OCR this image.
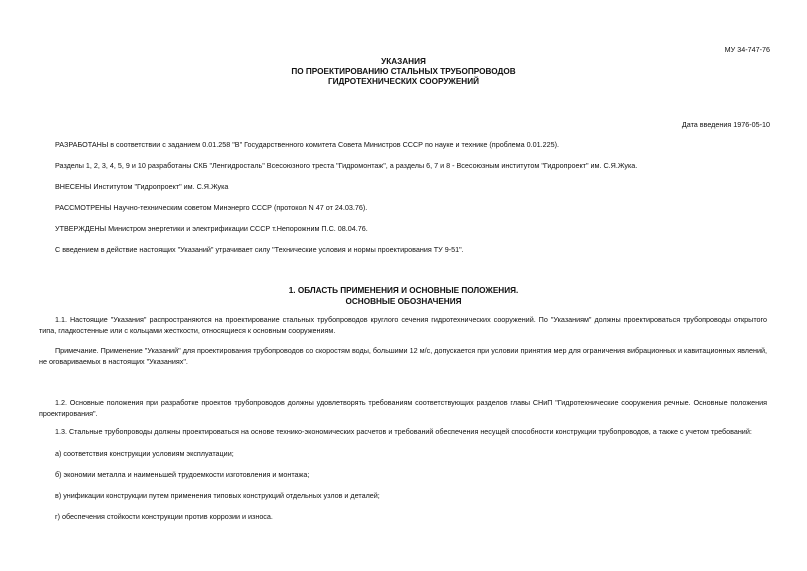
МУ 34-747-76
УКАЗАНИЯ
ПО ПРОЕКТИРОВАНИЮ СТАЛЬНЫХ ТРУБОПРОВОДОВ
ГИДРОТЕХНИЧЕСКИХ СООРУЖЕНИЙ
Дата введения 1976-05-10
РАЗРАБОТАНЫ в соответствии с заданием 0.01.258 "В" Государственного комитета Совета Министров СССР по науке и технике (проблема 0.01.225).
Разделы 1, 2, 3, 4, 5, 9 и 10 разработаны СКБ "Ленгидросталь" Всесоюзного треста "Гидромонтаж", а разделы 6, 7 и 8 - Всесоюзным институтом "Гидропроект" им. С.Я.Жука.
ВНЕСЕНЫ Институтом "Гидропроект" им. С.Я.Жука
РАССМОТРЕНЫ Научно-техническим советом Минэнерго СССР (протокол N 47 от 24.03.76).
УТВЕРЖДЕНЫ Министром энергетики и электрификации СССР т.Непорожним П.С. 08.04.76.
С введением в действие настоящих "Указаний" утрачивает силу "Технические условия и нормы проектирования ТУ 9-51".
1. ОБЛАСТЬ ПРИМЕНЕНИЯ И ОСНОВНЫЕ ПОЛОЖЕНИЯ.
ОСНОВНЫЕ ОБОЗНАЧЕНИЯ
1.1. Настоящие "Указания" распространяются на проектирование стальных трубопроводов круглого сечения гидротехнических сооружений. По "Указаниям" должны проектироваться трубопроводы открытого типа, гладкостенные или с кольцами жесткости, относящиеся к основным сооружениям.
Примечание. Применение "Указаний" для проектирования трубопроводов со скоростям воды, большими 12 м/с, допускается при условии принятия мер для ограничения вибрационных и кавитационных явлений, не оговариваемых в настоящих "Указаниях".
1.2. Основные положения при разработке проектов трубопроводов должны удовлетворять требованиям соответствующих разделов главы СНиП "Гидротехнические сооружения речные. Основные положения проектирования".
1.3. Стальные трубопроводы должны проектироваться на основе технико-экономических расчетов и требований обеспечения несущей способности конструкции трубопроводов, а также с учетом требований:
а) соответствия конструкции условиям эксплуатации;
б) экономии металла и наименьшей трудоемкости изготовления и монтажа;
в) унификации конструкции путем применения типовых конструкций отдельных узлов и деталей;
г) обеспечения стойкости конструкции против коррозии и износа.
